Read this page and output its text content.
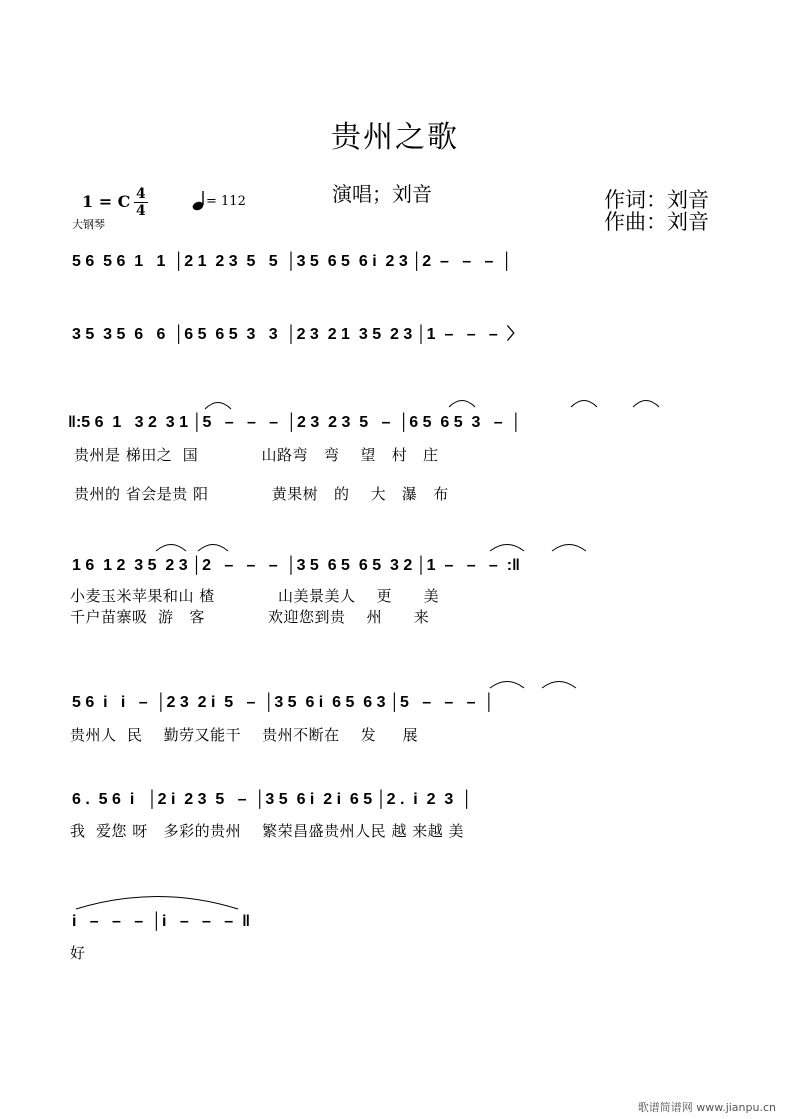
贵州之歌
演唱；刘音	作词：刘音
作曲：刘音
1 = C 4
4
大钢琴
= 112
5 6  5 6  1   1  │2 1  2 3  5   5  │3 5  6 5  6 i  2 3 │2  –   –   –  │
3 5  3 5  6   6  │6 5  6 5  3   3  │2 3  2 1  3 5  2 3 │1  –   –   –  〉
‖:5 6  1   3 2  3 1 │5   –   –   –  │2 3  2 3  5   –  │6 5  6 5  3   –  │
贵州是 梯田之  国            山路弯   弯    望   村   庄
贵州的 省会是贵 阳            黄果树   的    大   瀑   布
1 6  1 2  3 5  2 3 │2   –   –   –  │3 5  6 5  6 5  3 2 │1  –   –   –  :‖
小麦玉米苹果和山 楂            山美景美人    更      美
千户苗寨吸  游   客            欢迎您到贵    州      来
5 6  i   i   –  │2 3  2 i  5   –  │3 5  6 i  6 5  6 3 │5   –   –   –  │
贵州人  民    勤劳又能干    贵州不断在    发     展
6 .  5 6  i   │2 i  2 3  5   –  │3 5  6 i  2 i  6 5 │2 .  i  2  3  │
我  爱您 呀   多彩的贵州    繁荣昌盛贵州人民 越 来越 美
i   –   –   –  │i   –   –   –  ‖
好
歌谱简谱网 www.jianpu.cn
